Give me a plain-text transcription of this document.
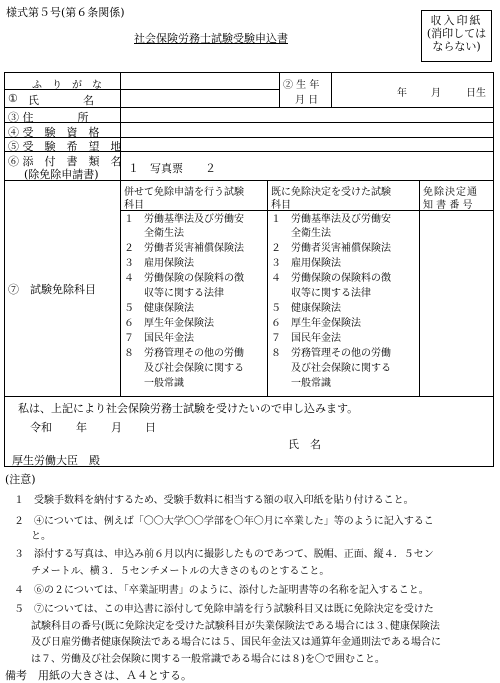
様式第５号(第６条関係)
社会保険労務士試験受験申込書
収入印紙
(消印しては
ならない)
ふ　り　が　な
① 氏　　　　名
② 生 年
月 日
年 月	日生
③ 住　　　　所
④ 受　験　資　格
⑤ 受　験　希　望　地
⑥ 添　付　書　類　名
(除免除申請書)	１　写真票　　２
⑦　試験免除科目
併せて免除申請を行う試験
科目
既に免除決定を受けた試験
科目
免除決定通
知 書 番 号
１　労働基準法及び労働安
　　全衛生法
２　労働者災害補償保険法
３　雇用保険法
４　労働保険の保険料の徴
　　収等に関する法律
５　健康保険法
６　厚生年金保険法
７　国民年金法
８　労務管理その他の労働
　　及び社会保険に関する
　　一般常識
１　労働基準法及び労働安
　　全衛生法
２　労働者災害補償保険法
３　雇用保険法
４　労働保険の保険料の徴
　　収等に関する法律
５　健康保険法
６　厚生年金保険法
７　国民年金法
８　労務管理その他の労働
　　及び社会保険に関する
　　一般常識
私は、上記により社会保険労務士試験を受けたいので申し込みます。
令和 年 月 日
氏　名
厚生労働大臣　殿
(注意)
１　受験手数料を納付するため、受験手数料に相当する額の収入印紙を貼り付けること。
２　④については、例えば「〇〇大学〇〇学部を〇年〇月に卒業した」等のように記入するこ
と。
３　添付する写真は、申込み前６月以内に撮影したものであつて、脱帽、正面、縦４．５セン
チメートル、横３．５センチメートルの大きさのものとすること。
４　⑥の２については、「卒業証明書」のように、添付した証明書等の名称を記入すること。
５　⑦については、この申込書に添付して免除申請を行う試験科目又は既に免除決定を受けた
試験科目の番号(既に免除決定を受けた試験科目が失業保険法である場合には３､健康保険法
及び日雇労働者健康保険法である場合には５、国民年金法又は通算年金通則法である場合に
は７、労働及び社会保険に関する一般常識である場合には８)を〇で囲むこと。
備考　用紙の大きさは、Ａ４とする。
